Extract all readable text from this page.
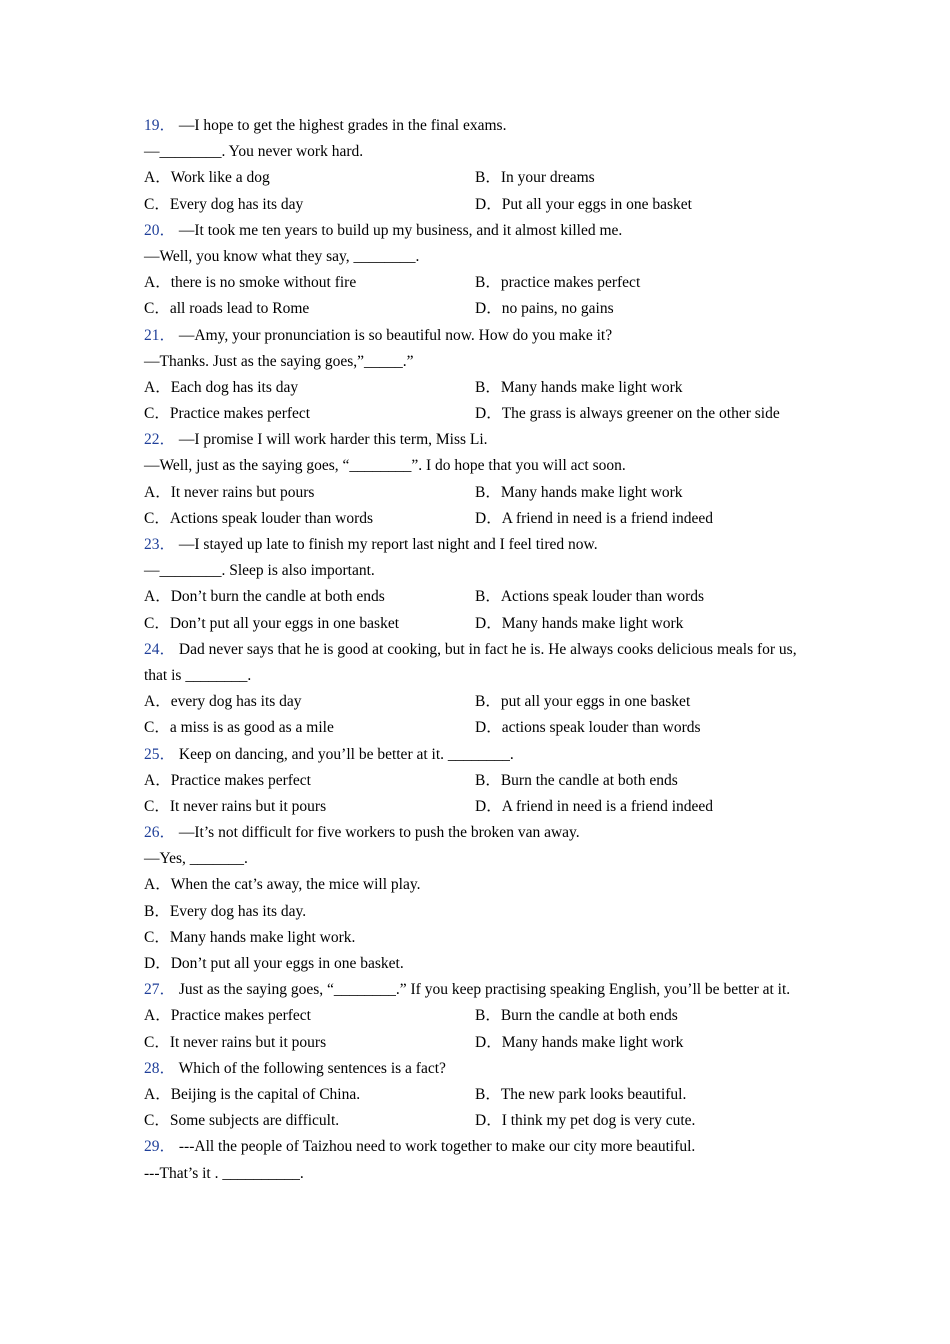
19． —I hope to get the highest grades in the final exams.
—________. You never work hard.
A．Work like a dog	B．In your dreams
C．Every dog has its day	D．Put all your eggs in one basket
20． —It took me ten years to build up my business, and it almost killed me.
—Well, you know what they say, ________.
A．there is no smoke without fire	B．practice makes perfect
C．all roads lead to Rome	D．no pains, no gains
21． —Amy, your pronunciation is so beautiful now. How do you make it?
—Thanks. Just as the saying goes,”_____.”
A．Each dog has its day	B．Many hands make light work
C．Practice makes perfect	D．The grass is always greener on the other side
22． —I promise I will work harder this term, Miss Li.
—Well, just as the saying goes, “________”. I do hope that you will act soon.
A．It never rains but pours	B．Many hands make light work
C．Actions speak louder than words	D．A friend in need is a friend indeed
23． —I stayed up late to finish my report last night and I feel tired now.
—________. Sleep is also important.
A．Don’t burn the candle at both ends	B．Actions speak louder than words
C．Don’t put all your eggs in one basket	D．Many hands make light work
24． Dad never says that he is good at cooking, but in fact he is. He always cooks delicious meals for us, that is ________.
A．every dog has its day	B．put all your eggs in one basket
C．a miss is as good as a mile	D．actions speak louder than words
25． Keep on dancing, and you’ll be better at it. ________.
A．Practice makes perfect	B．Burn the candle at both ends
C．It never rains but it pours	D．A friend in need is a friend indeed
26． —It’s not difficult for five workers to push the broken van away.
—Yes, _______.
A．When the cat’s away, the mice will play.
B．Every dog has its day.
C．Many hands make light work.
D．Don’t put all your eggs in one basket.
27． Just as the saying goes, “________.” If you keep practising speaking English, you’ll be better at it.
A．Practice makes perfect	B．Burn the candle at both ends
C．It never rains but it pours	D．Many hands make light work
28． Which of the following sentences is a fact?
A．Beijing is the capital of China.	B．The new park looks beautiful.
C．Some subjects are difficult.	D．I think my pet dog is very cute.
29． ---All the people of Taizhou need to work together to make our city more beautiful.
---That’s it . __________.
